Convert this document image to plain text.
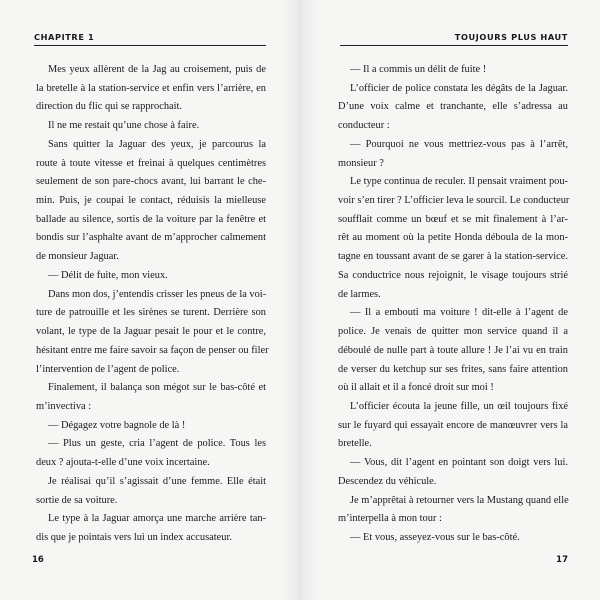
CHAPITRE 1
Mes yeux allèrent de la Jag au croisement, puis de
la bretelle à la station-service et enfin vers l’arrière, en
direction du flic qui se rapprochait.
Il ne me restait qu’une chose à faire.
Sans quitter la Jaguar des yeux, je parcourus la
route à toute vitesse et freinai à quelques centimètres
seulement de son pare-chocs avant, lui barrant le che-
min. Puis, je coupai le contact, réduisis la mielleuse
ballade au silence, sortis de la voiture par la fenêtre et
bondis sur l’asphalte avant de m’approcher calmement
de monsieur Jaguar.
— Délit de fuite, mon vieux.
Dans mon dos, j’entendis crisser les pneus de la voi-
ture de patrouille et les sirènes se turent. Derrière son
volant, le type de la Jaguar pesait le pour et le contre,
hésitant entre me faire savoir sa façon de penser ou filer
l’intervention de l’agent de police.
Finalement, il balança son mégot sur le bas-côté et
m’invectiva :
— Dégagez votre bagnole de là !
— Plus un geste, cria l’agent de police. Tous les
deux ? ajouta-t-elle d’une voix incertaine.
Je réalisai qu’il s’agissait d’une femme. Elle était
sortie de sa voiture.
Le type à la Jaguar amorça une marche arrière tan-
dis que je pointais vers lui un index accusateur.
16
TOUJOURS PLUS HAUT
— Il a commis un délit de fuite !
L’officier de police constata les dégâts de la Jaguar.
D’une voix calme et tranchante, elle s’adressa au
conducteur :
— Pourquoi ne vous mettriez-vous pas à l’arrêt,
monsieur ?
Le type continua de reculer. Il pensait vraiment pou-
voir s’en tirer ? L’officier leva le sourcil. Le conducteur
soufflait comme un bœuf et se mit finalement à l’ar-
rêt au moment où la petite Honda déboula de la mon-
tagne en toussant avant de se garer à la station-service.
Sa conductrice nous rejoignit, le visage toujours strié
de larmes.
— Il a embouti ma voiture ! dit-elle à l’agent de
police. Je venais de quitter mon service quand il a
déboulé de nulle part à toute allure ! Je l’ai vu en train
de verser du ketchup sur ses frites, sans faire attention
où il allait et il a foncé droit sur moi !
L’officier écouta la jeune fille, un œil toujours fixé
sur le fuyard qui essayait encore de manœuvrer vers la
bretelle.
— Vous, dit l’agent en pointant son doigt vers lui.
Descendez du véhicule.
Je m’apprêtai à retourner vers la Mustang quand elle
m’interpella à mon tour :
— Et vous, asseyez-vous sur le bas-côté.
17
